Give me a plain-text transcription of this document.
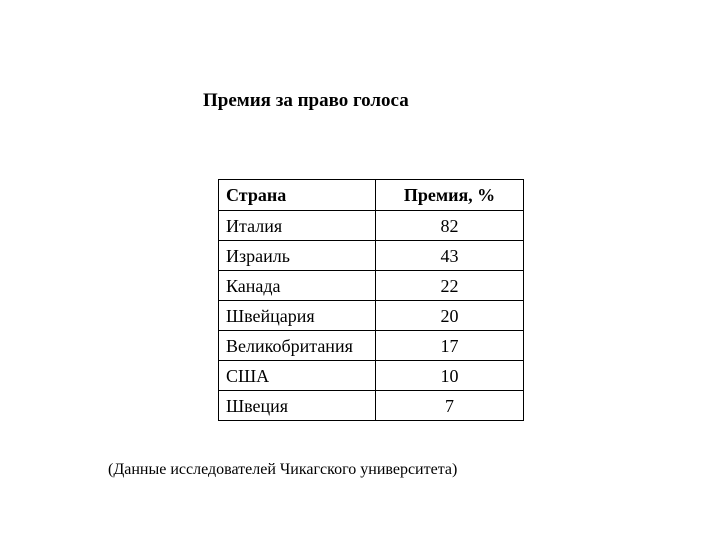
Премия за право голоса
Страна	Премия, %
Италия	82
Израиль	43
Канада	22
Швейцария	20
Великобритания	17
США	10
Швеция	7
(Данные исследователей Чикагского университета)
